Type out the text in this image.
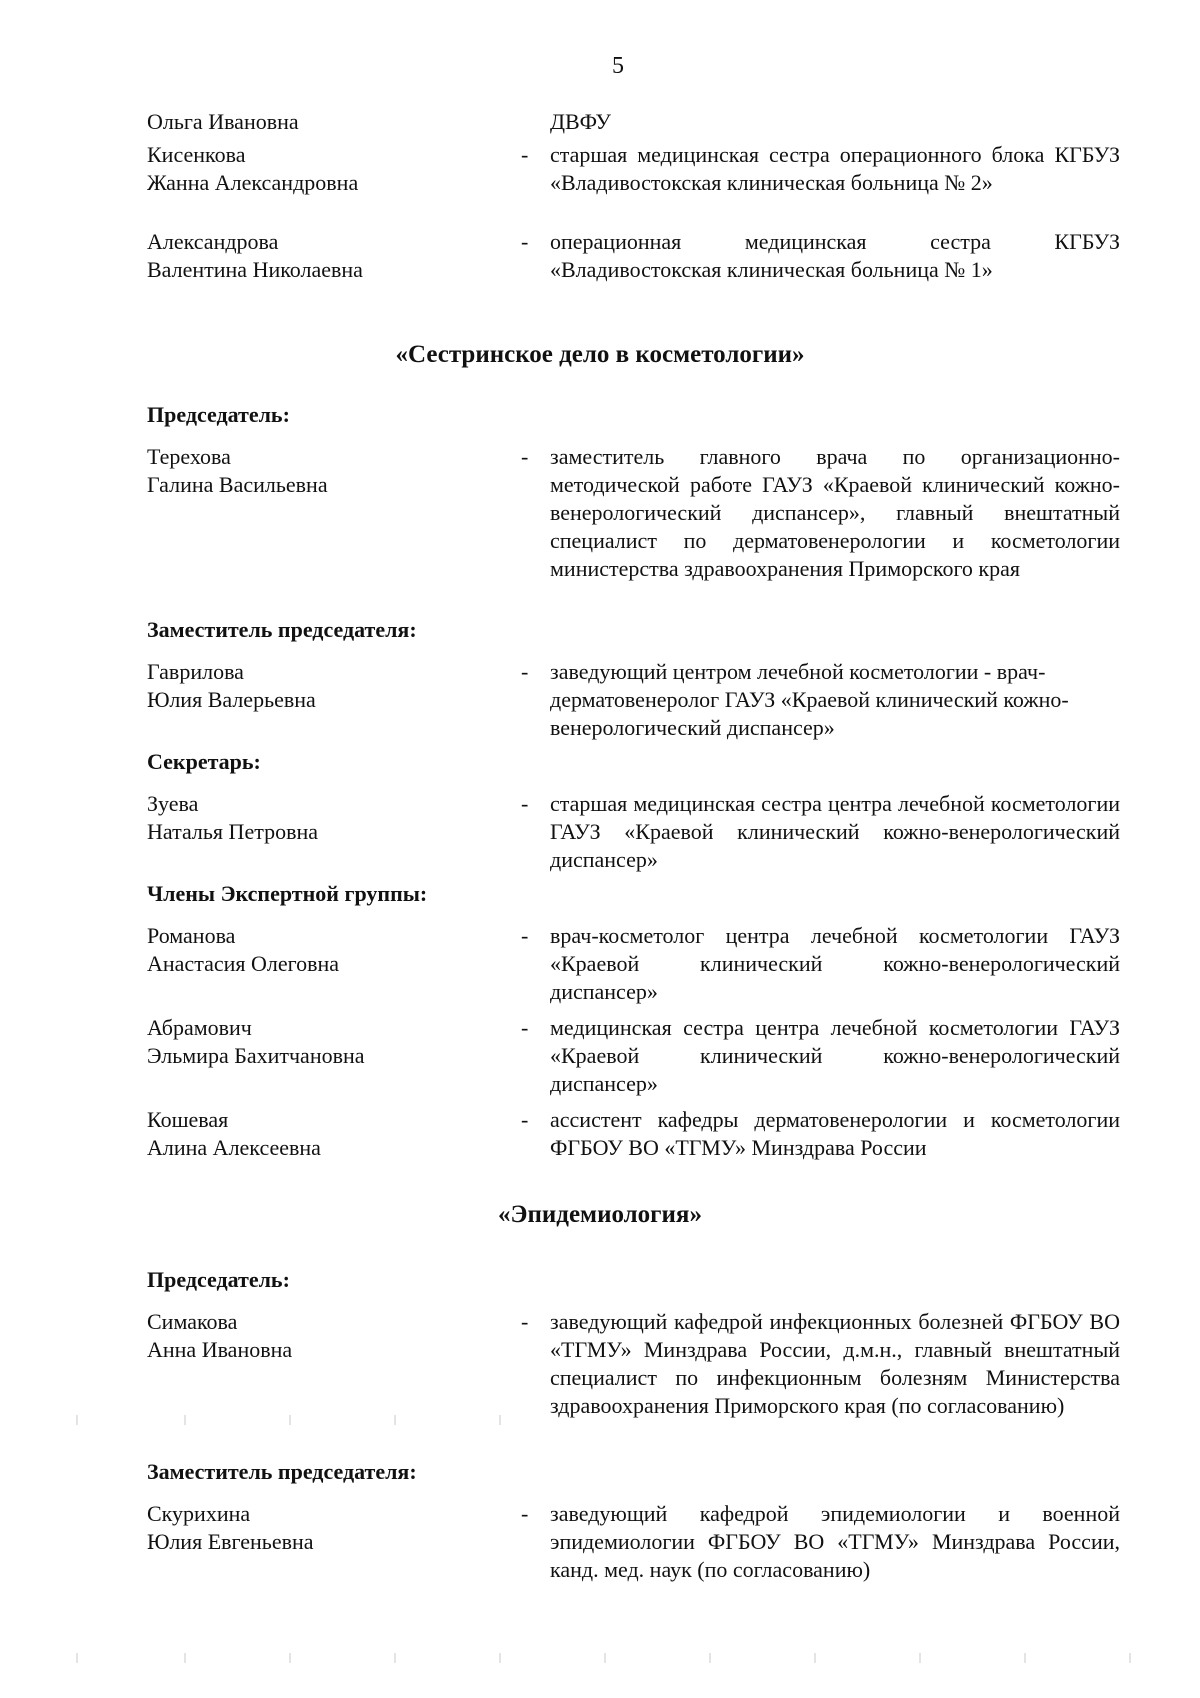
5
Ольга Ивановна	ДВФУ
Кисенкова
Жанна Александровна
- старшая медицинская сестра операционного блока КГБУЗ «Владивостокская клиническая больница № 2»
Александрова
Валентина Николаевна
- операционная медицинская сестра КГБУЗ «Владивостокская клиническая больница № 1»
«Сестринское дело в косметологии»
Председатель:
Терехова
Галина Васильевна
- заместитель главного врача по организационно-методической работе ГАУЗ «Краевой клинический кожно-венерологический диспансер», главный внештатный специалист по дерматовенерологии и косметологии министерства здравоохранения Приморского края
Заместитель председателя:
Гаврилова
Юлия Валерьевна
- заведующий центром лечебной косметологии - врач-дерматовенеролог ГАУЗ «Краевой клинический кожно-венерологический диспансер»
Секретарь:
Зуева
Наталья Петровна
- старшая медицинская сестра центра лечебной косметологии ГАУЗ «Краевой клинический кожно-венерологический диспансер»
Члены Экспертной группы:
Романова
Анастасия Олеговна
- врач-косметолог центра лечебной косметологии ГАУЗ «Краевой клинический кожно-венерологический диспансер»
Абрамович
Эльмира Бахитчановна
- медицинская сестра центра лечебной косметологии ГАУЗ «Краевой клинический кожно-венерологический диспансер»
Кошевая
Алина Алексеевна
- ассистент кафедры дерматовенерологии и косметологии ФГБОУ ВО «ТГМУ» Минздрава России
«Эпидемиология»
Председатель:
Симакова
Анна Ивановна
- заведующий кафедрой инфекционных болезней ФГБОУ ВО «ТГМУ» Минздрава России, д.м.н., главный внештатный специалист по инфекционным болезням Министерства здравоохранения Приморского края (по согласованию)
Заместитель председателя:
Скурихина
Юлия Евгеньевна
- заведующий кафедрой эпидемиологии и военной эпидемиологии ФГБОУ ВО «ТГМУ» Минздрава России, канд. мед. наук (по согласованию)
